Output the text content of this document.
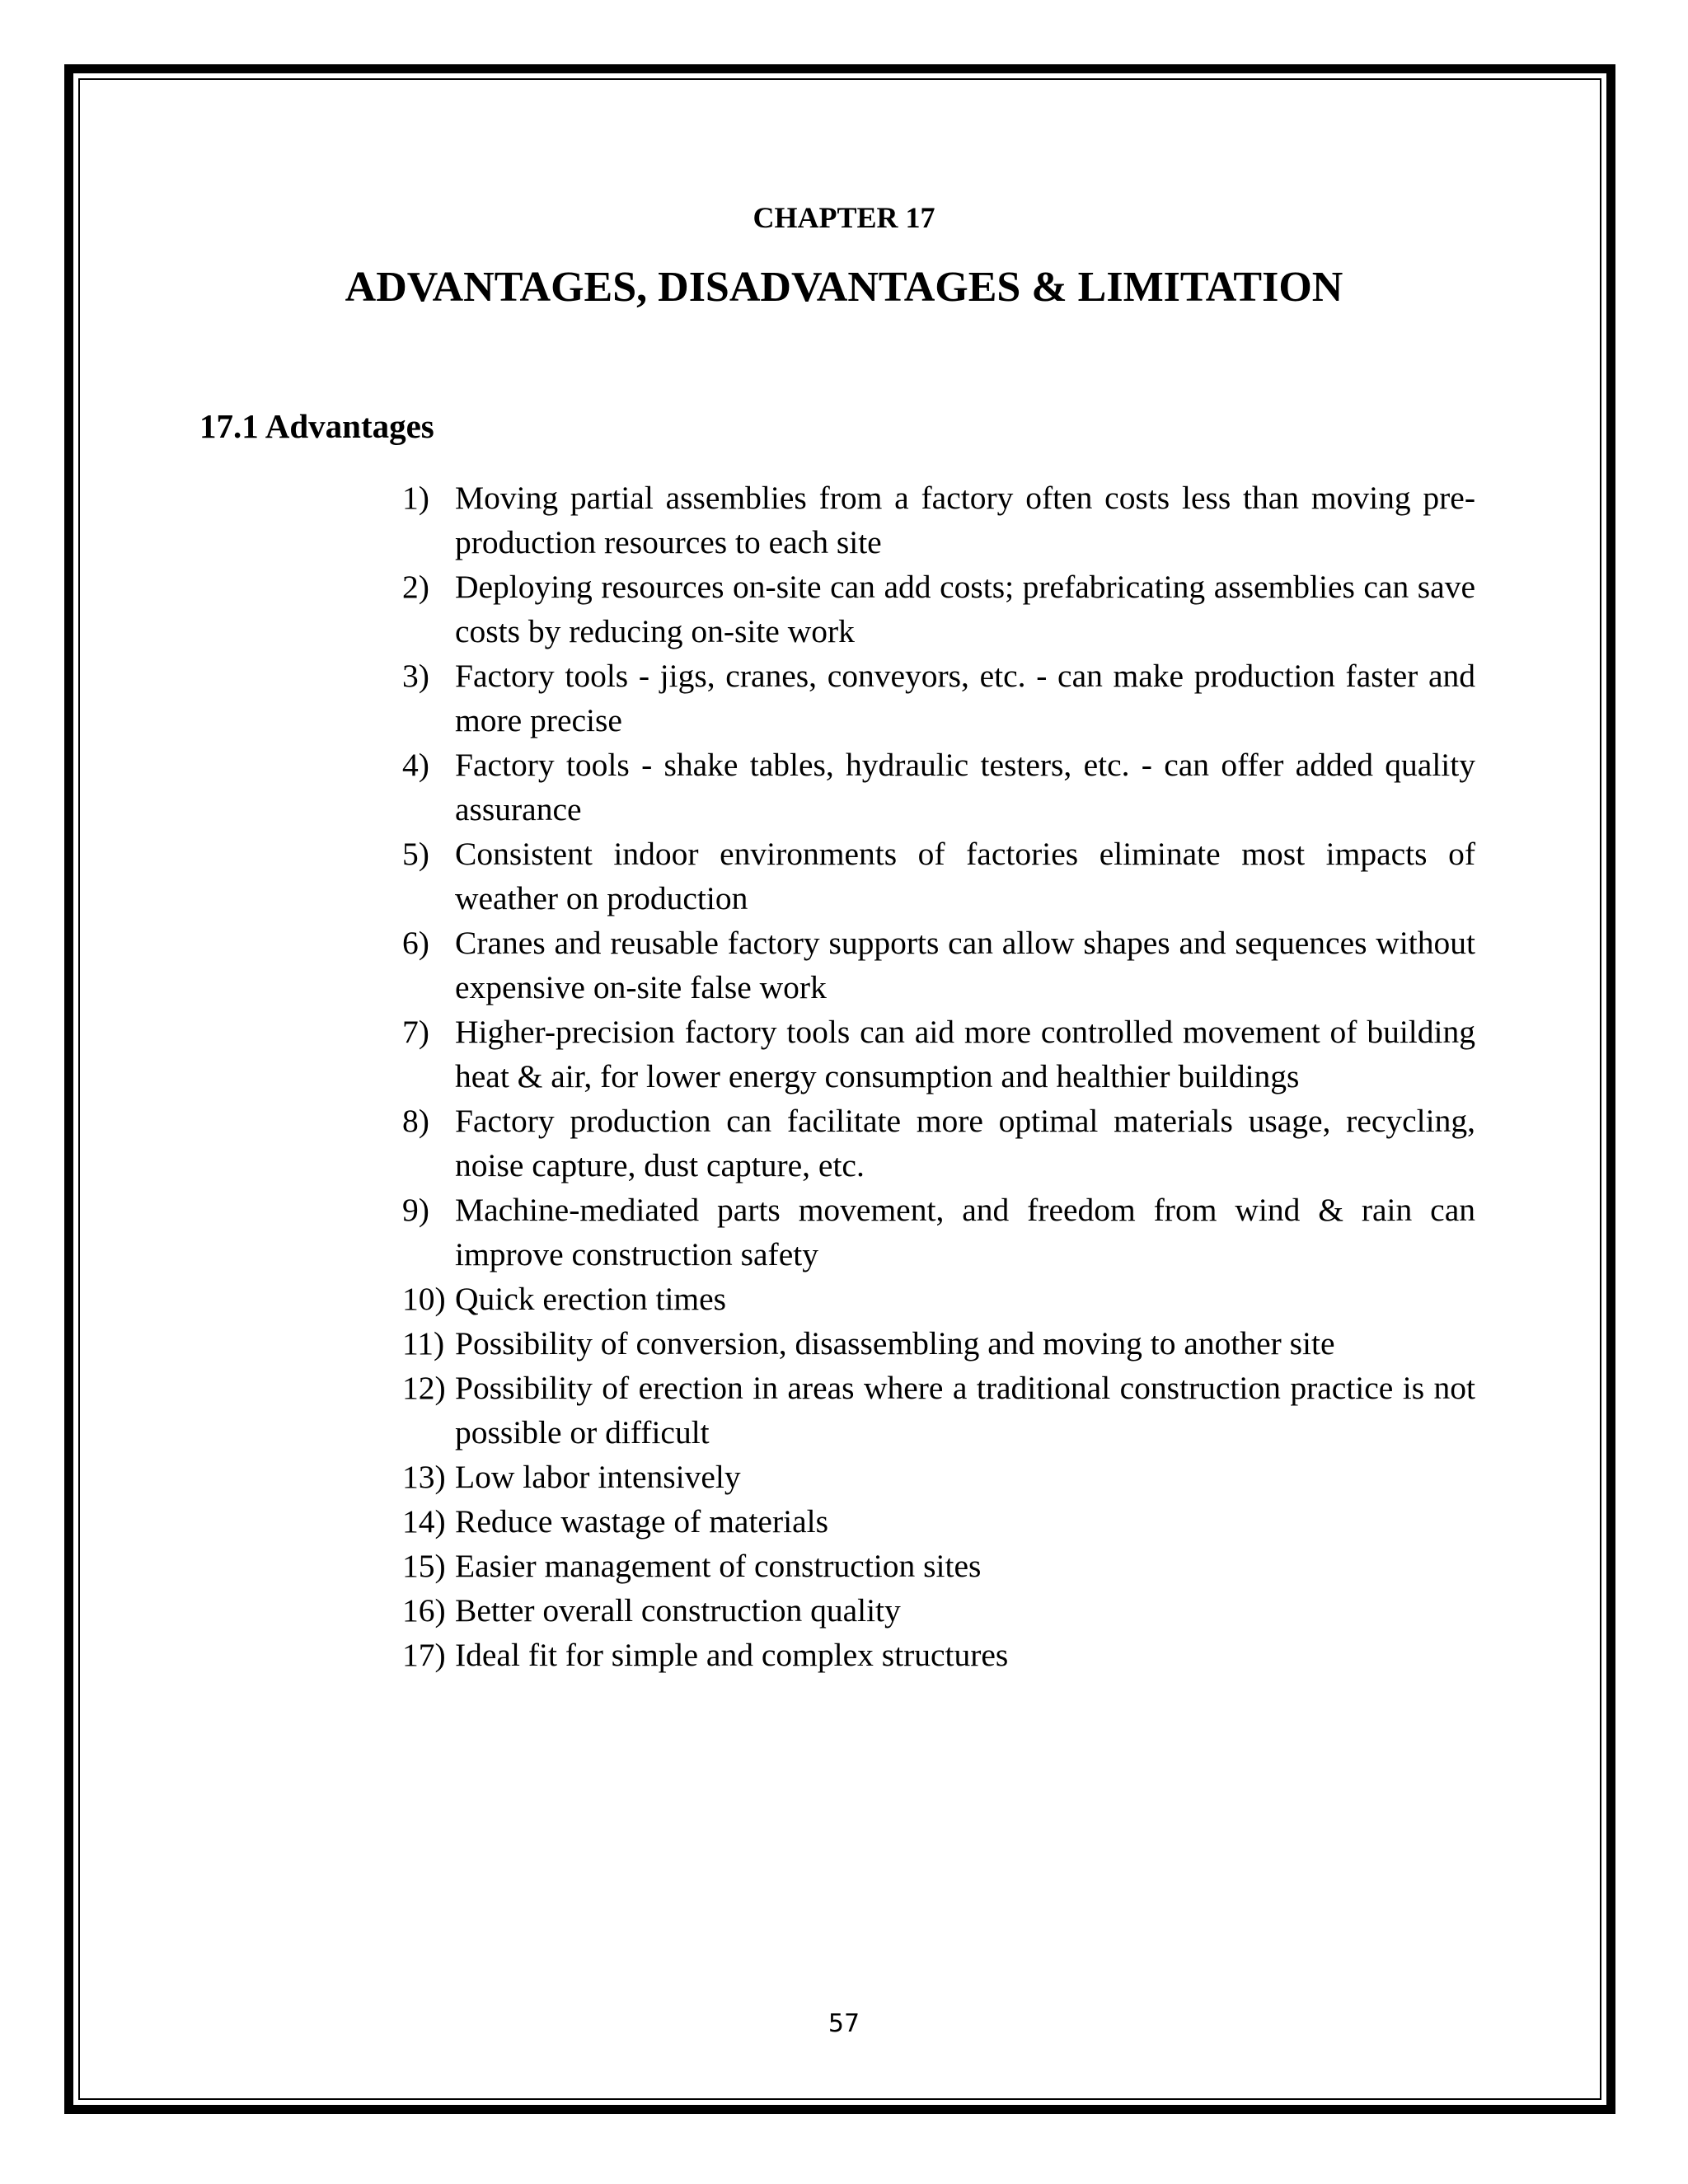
CHAPTER 17
ADVANTAGES, DISADVANTAGES & LIMITATION
17.1 Advantages
1) Moving partial assemblies from a factory often costs less than moving pre-production resources to each site
2) Deploying resources on-site can add costs; prefabricating assemblies can save costs by reducing on-site work
3) Factory tools - jigs, cranes, conveyors, etc. - can make production faster and more precise
4) Factory tools - shake tables, hydraulic testers, etc. - can offer added quality assurance
5) Consistent indoor environments of factories eliminate most impacts of weather on production
6) Cranes and reusable factory supports can allow shapes and sequences without expensive on-site false work
7) Higher-precision factory tools can aid more controlled movement of building heat & air, for lower energy consumption and healthier buildings
8) Factory production can facilitate more optimal materials usage, recycling, noise capture, dust capture, etc.
9) Machine-mediated parts movement, and freedom from wind & rain can improve construction safety
10) Quick erection times
11) Possibility of conversion, disassembling and moving to another site
12) Possibility of erection in areas where a traditional construction practice is not possible or difficult
13) Low labor intensively
14) Reduce wastage of materials
15) Easier management of construction sites
16) Better overall construction quality
17) Ideal fit for simple and complex structures
57
